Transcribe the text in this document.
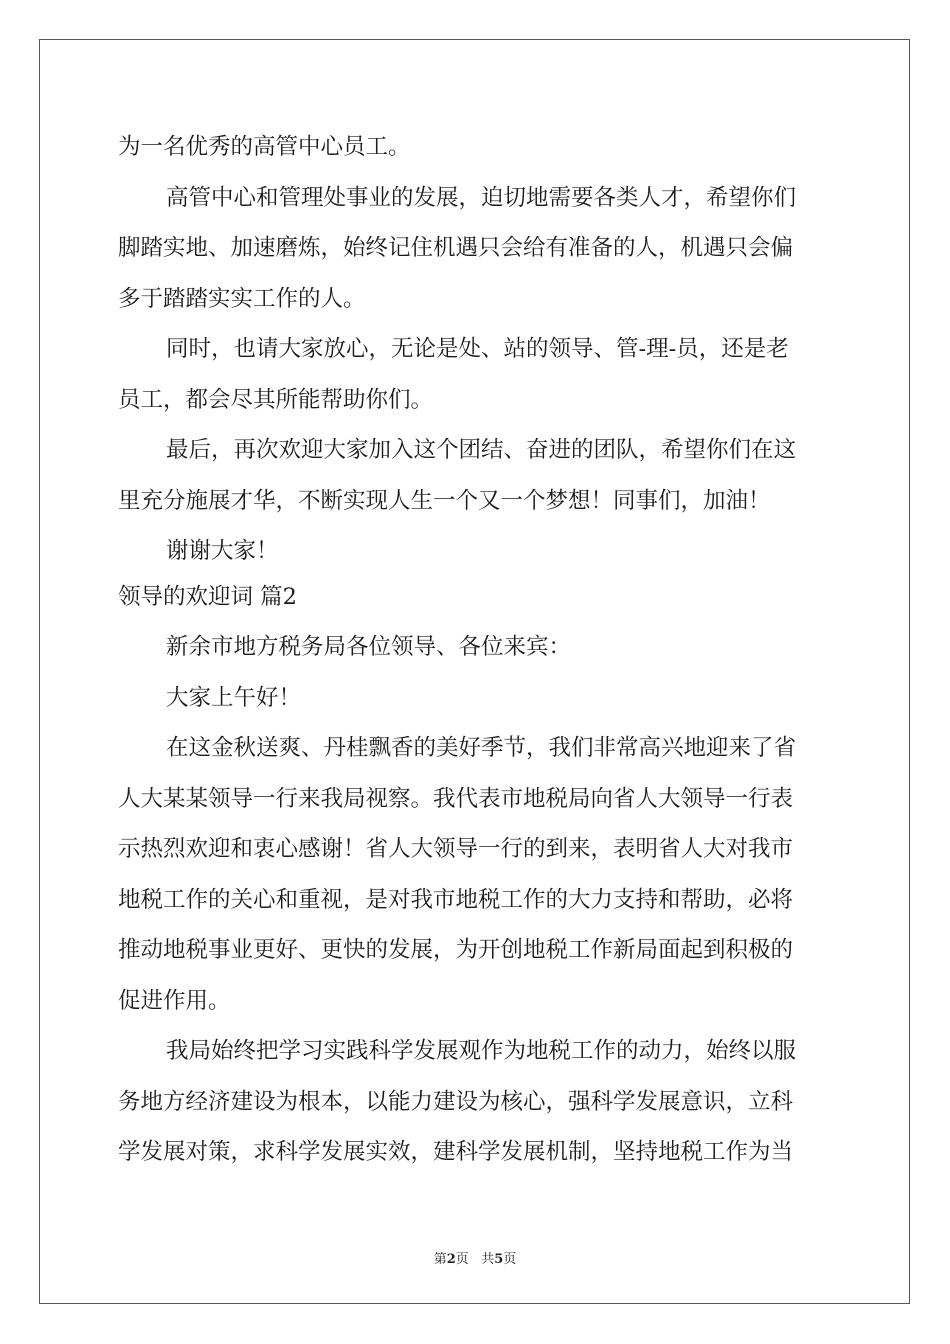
为一名优秀的高管中心员工。
高管中心和管理处事业的发展，迫切地需要各类人才，希望你们
脚踏实地、加速磨炼，始终记住机遇只会给有准备的人，机遇只会偏
多于踏踏实实工作的人。
同时，也请大家放心，无论是处、站的领导、管-理-员，还是老
员工，都会尽其所能帮助你们。
最后，再次欢迎大家加入这个团结、奋进的团队，希望你们在这
里充分施展才华，不断实现人生一个又一个梦想！同事们，加油！
谢谢大家！
领导的欢迎词 篇2
新余市地方税务局各位领导、各位来宾：
大家上午好！
在这金秋送爽、丹桂飘香的美好季节，我们非常高兴地迎来了省
人大某某领导一行来我局视察。我代表市地税局向省人大领导一行表
示热烈欢迎和衷心感谢！省人大领导一行的到来，表明省人大对我市
地税工作的关心和重视，是对我市地税工作的大力支持和帮助，必将
推动地税事业更好、更快的发展，为开创地税工作新局面起到积极的
促进作用。
我局始终把学习实践科学发展观作为地税工作的动力，始终以服
务地方经济建设为根本，以能力建设为核心，强科学发展意识，立科
学发展对策，求科学发展实效，建科学发展机制，坚持地税工作为当
第2页 共5页
